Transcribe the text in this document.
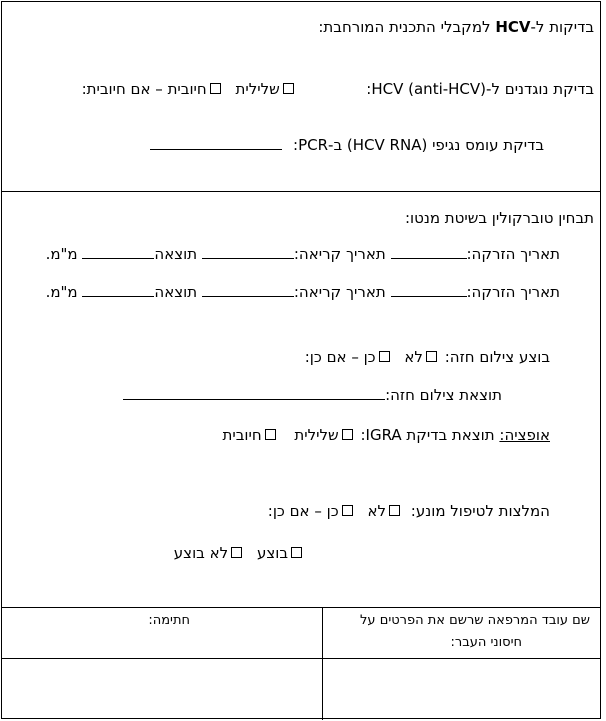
בדיקות ל-HCV למקבלי התכנית המורחבת:
בדיקת נוגדנים ל-HCV (anti-HCV):  שלילית חיובית – אם חיובית:
בדיקת עומס נגיפי (HCV RNA) ב-PCR:
תבחין טוברקולין בשיטת מנטו:
תאריך הזרקה: תאריך קריאה: תוצאה מ"מ.
תאריך הזרקה: תאריך קריאה: תוצאה מ"מ.
בוצע צילום חזה: לא כן – אם כן:
תוצאת צילום חזה:
אופציה: תוצאת בדיקת IGRA: שלילית חיובית
המלצות לטיפול מונע: לא כן – אם כן:
בוצע לא בוצע
שם עובד המרפאה שרשם את הפרטים על
חיסוני העבר:
חתימה:
